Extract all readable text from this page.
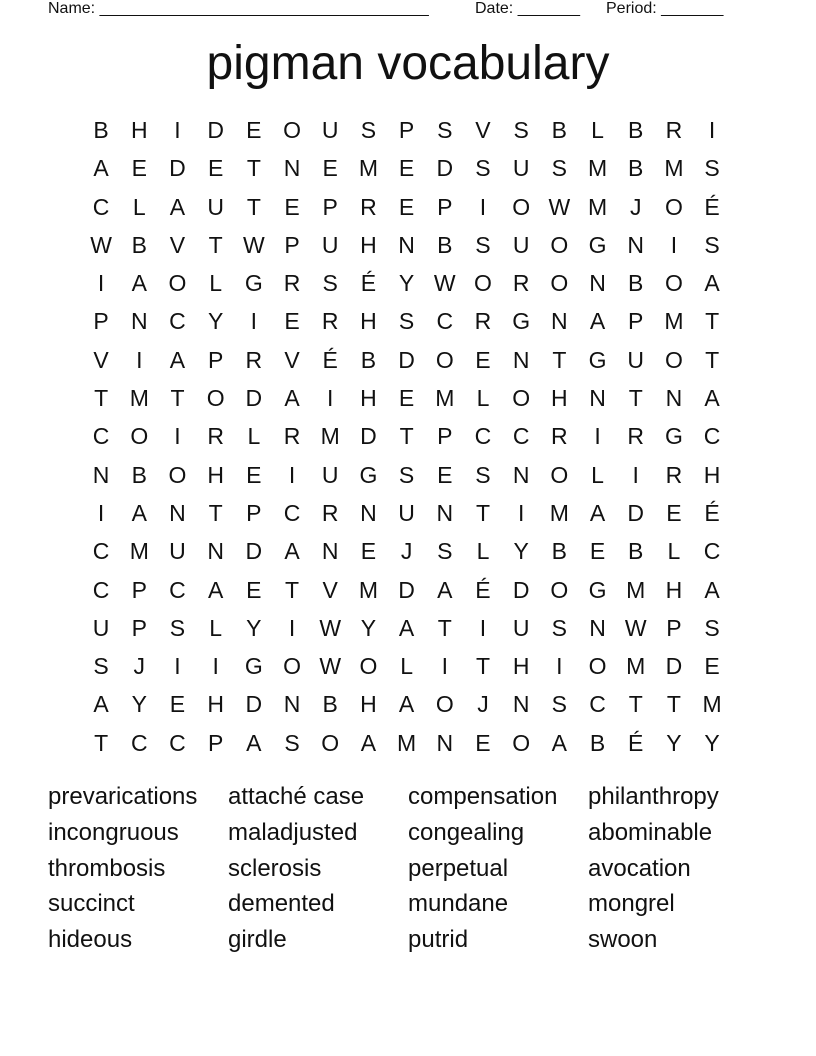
Name: _____________________________________

	Date: _______

Period: _______

pigman vocabulary
B H	I	D E O U S P S V S B	L	B R	I
A E D E	T N E M E D S U S M B M S
C	L	A U T	E P R E P	I	O W M J	O É
W B V	T W P U H N B S U O G N	I	S
I	A O L G R S É Y W O R O N B O A
P N C Y	I	E R H S C R G N A P M T
V	I	A P R V É B D O E N T G U O T
T M T O D A	I	H E M L O H N T N A
C O	I	R	L	R M D T	P C C R	I	R G C
N B O H E	I	U G S E S N O L	I	R H
I	A N T	P C R N U N T	I	M A D E É
C M U N D A N E	J	S	L	Y B E B	L	C
C P C A E	T	V M D A É D O G M H A
U P S	L	Y	I	W Y A	T	I	U S N W P S
S	J	I	I	G O W O L	I	T H	I	O M D E
A Y E H D N B H A O	J	N S C T	T M
T C C P A S O A M N E O A B É Y Y
prevarications	attaché case	compensation	philanthropy
incongruous	maladjusted	congealing	abominable
thrombosis	sclerosis	perpetual	avocation
succinct	demented	mundane	mongrel
hideous	girdle	putrid	swoon
